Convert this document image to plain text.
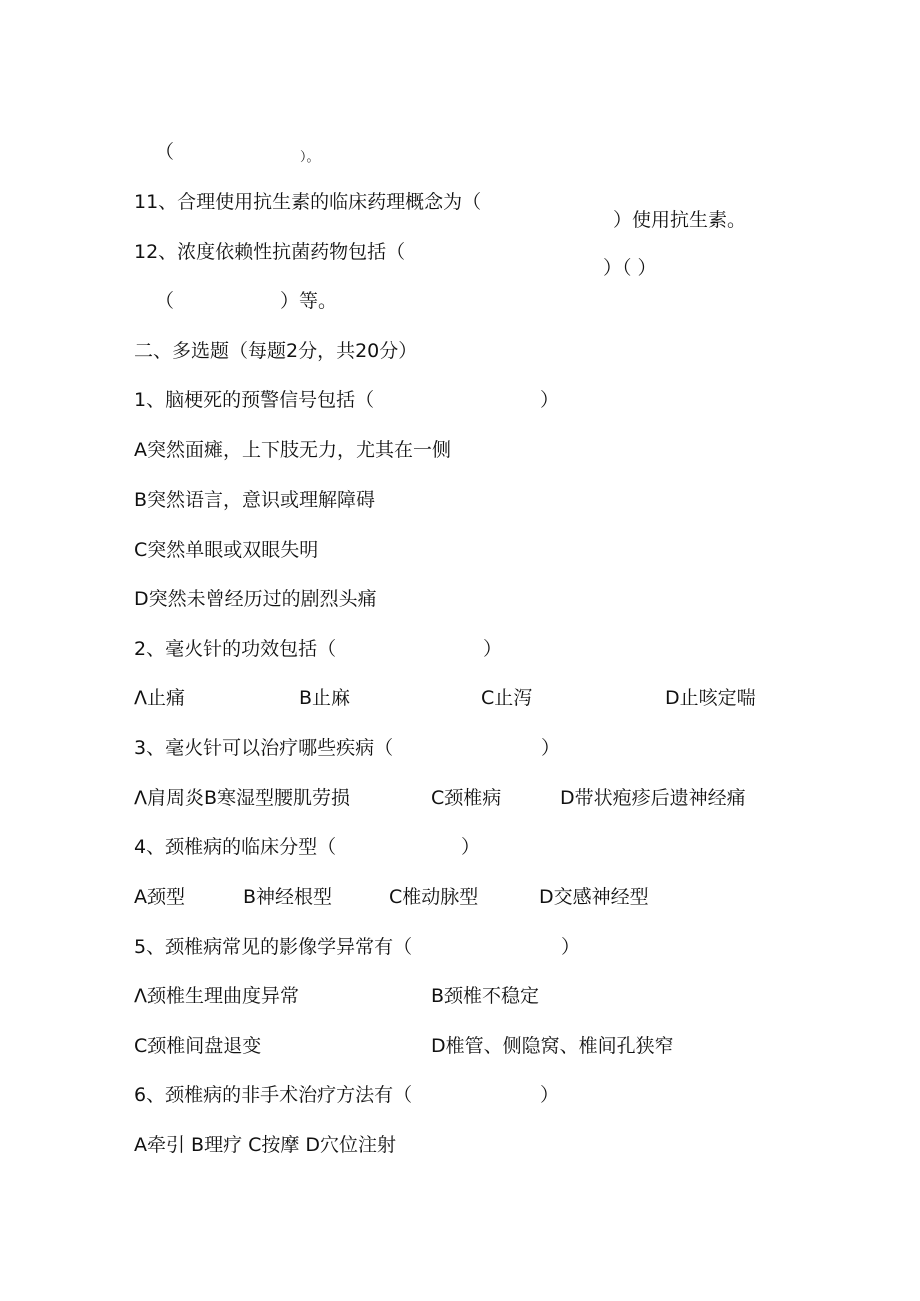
（	）。
11、合理使用抗生素的临床药理概念为（
）使用抗生素。
12、浓度依赖性抗菌药物包括（
）（ ）
（	）等。
二、多选题（每题2分，共20分）
1、脑梗死的预警信号包括（	）
A突然面瘫，上下肢无力，尤其在一侧
B突然语言，意识或理解障碍
C突然单眼或双眼失明
D突然未曾经历过的剧烈头痛
2、毫火针的功效包括（	）
Λ止痛	B止麻	C止泻	D止咳定喘
3、毫火针可以治疗哪些疾病（	）
Λ肩周炎B寒湿型腰肌劳损	C颈椎病	D带状疱疹后遗神经痛
4、颈椎病的临床分型（	）
A颈型	B神经根型	C椎动脉型	D交感神经型
5、颈椎病常见的影像学异常有（	）
Λ颈椎生理曲度异常	B颈椎不稳定
C颈椎间盘退变	D椎管、侧隐窝、椎间孔狭窄
6、颈椎病的非手术治疗方法有（	）
A牵引 B理疗 C按摩 D穴位注射
